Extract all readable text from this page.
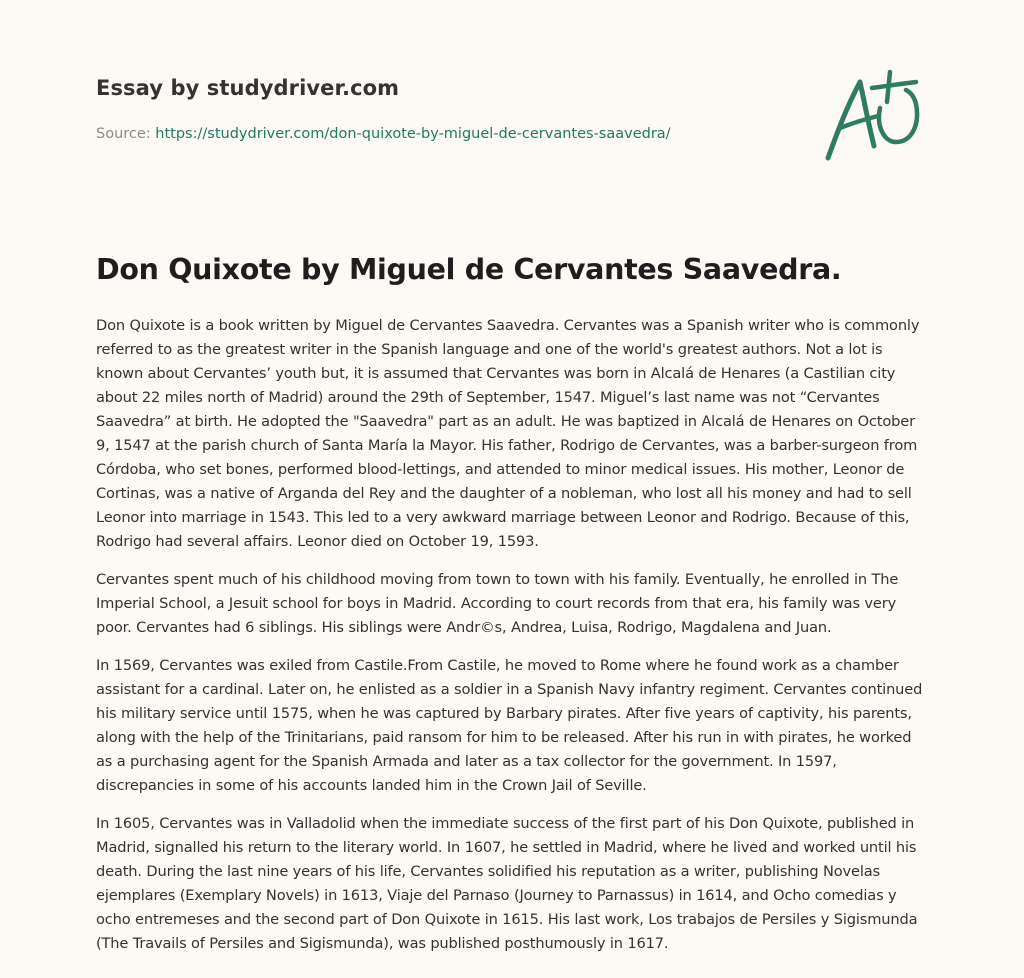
Essay by studydriver.com
Source: https://studydriver.com/don-quixote-by-miguel-de-cervantes-saavedra/
Don Quixote by Miguel de Cervantes Saavedra.

Don Quixote is a book written by Miguel de Cervantes Saavedra. Cervantes was a Spanish writer who is commonly referred to as the greatest writer in the Spanish language and one of the world's greatest authors. Not a lot is known about Cervantes’ youth but, it is assumed that Cervantes was born in Alcalá de Henares (a Castilian city about 22 miles north of Madrid) around the 29th of September, 1547. Miguel’s last name was not “Cervantes Saavedra” at birth. He adopted the "Saavedra" part as an adult. He was baptized in Alcalá de Henares on October 9, 1547 at the parish church of Santa María la Mayor. His father, Rodrigo de Cervantes, was a barber-surgeon from Córdoba, who set bones, performed blood-lettings, and attended to minor medical issues. His mother, Leonor de Cortinas, was a native of Arganda del Rey and the daughter of a nobleman, who lost all his money and had to sell Leonor into marriage in 1543. This led to a very awkward marriage between Leonor and Rodrigo. Because of this, Rodrigo had several affairs. Leonor died on October 19, 1593.

Cervantes spent much of his childhood moving from town to town with his family. Eventually, he enrolled in The Imperial School, a Jesuit school for boys in Madrid. According to court records from that era, his family was very poor. Cervantes had 6 siblings. His siblings were Andr©s, Andrea, Luisa, Rodrigo, Magdalena and Juan.

In 1569, Cervantes was exiled from Castile.From Castile, he moved to Rome where he found work as a chamber assistant for a cardinal. Later on, he enlisted as a soldier in a Spanish Navy infantry regiment. Cervantes continued his military service until 1575, when he was captured by Barbary pirates. After five years of captivity, his parents, along with the help of the Trinitarians, paid ransom for him to be released. After his run in with pirates, he worked as a purchasing agent for the Spanish Armada and later as a tax collector for the government. In 1597, discrepancies in some of his accounts landed him in the Crown Jail of Seville.

In 1605, Cervantes was in Valladolid when the immediate success of the first part of his Don Quixote, published in Madrid, signalled his return to the literary world. In 1607, he settled in Madrid, where he lived and worked until his death. During the last nine years of his life, Cervantes solidified his reputation as a writer, publishing Novelas ejemplares (Exemplary Novels) in 1613, Viaje del Parnaso (Journey to Parnassus) in 1614, and Ocho comedias y ocho entremeses and the second part of Don Quixote in 1615. His last work, Los trabajos de Persiles y Sigismunda (The Travails of Persiles and Sigismunda), was published posthumously in 1617.
